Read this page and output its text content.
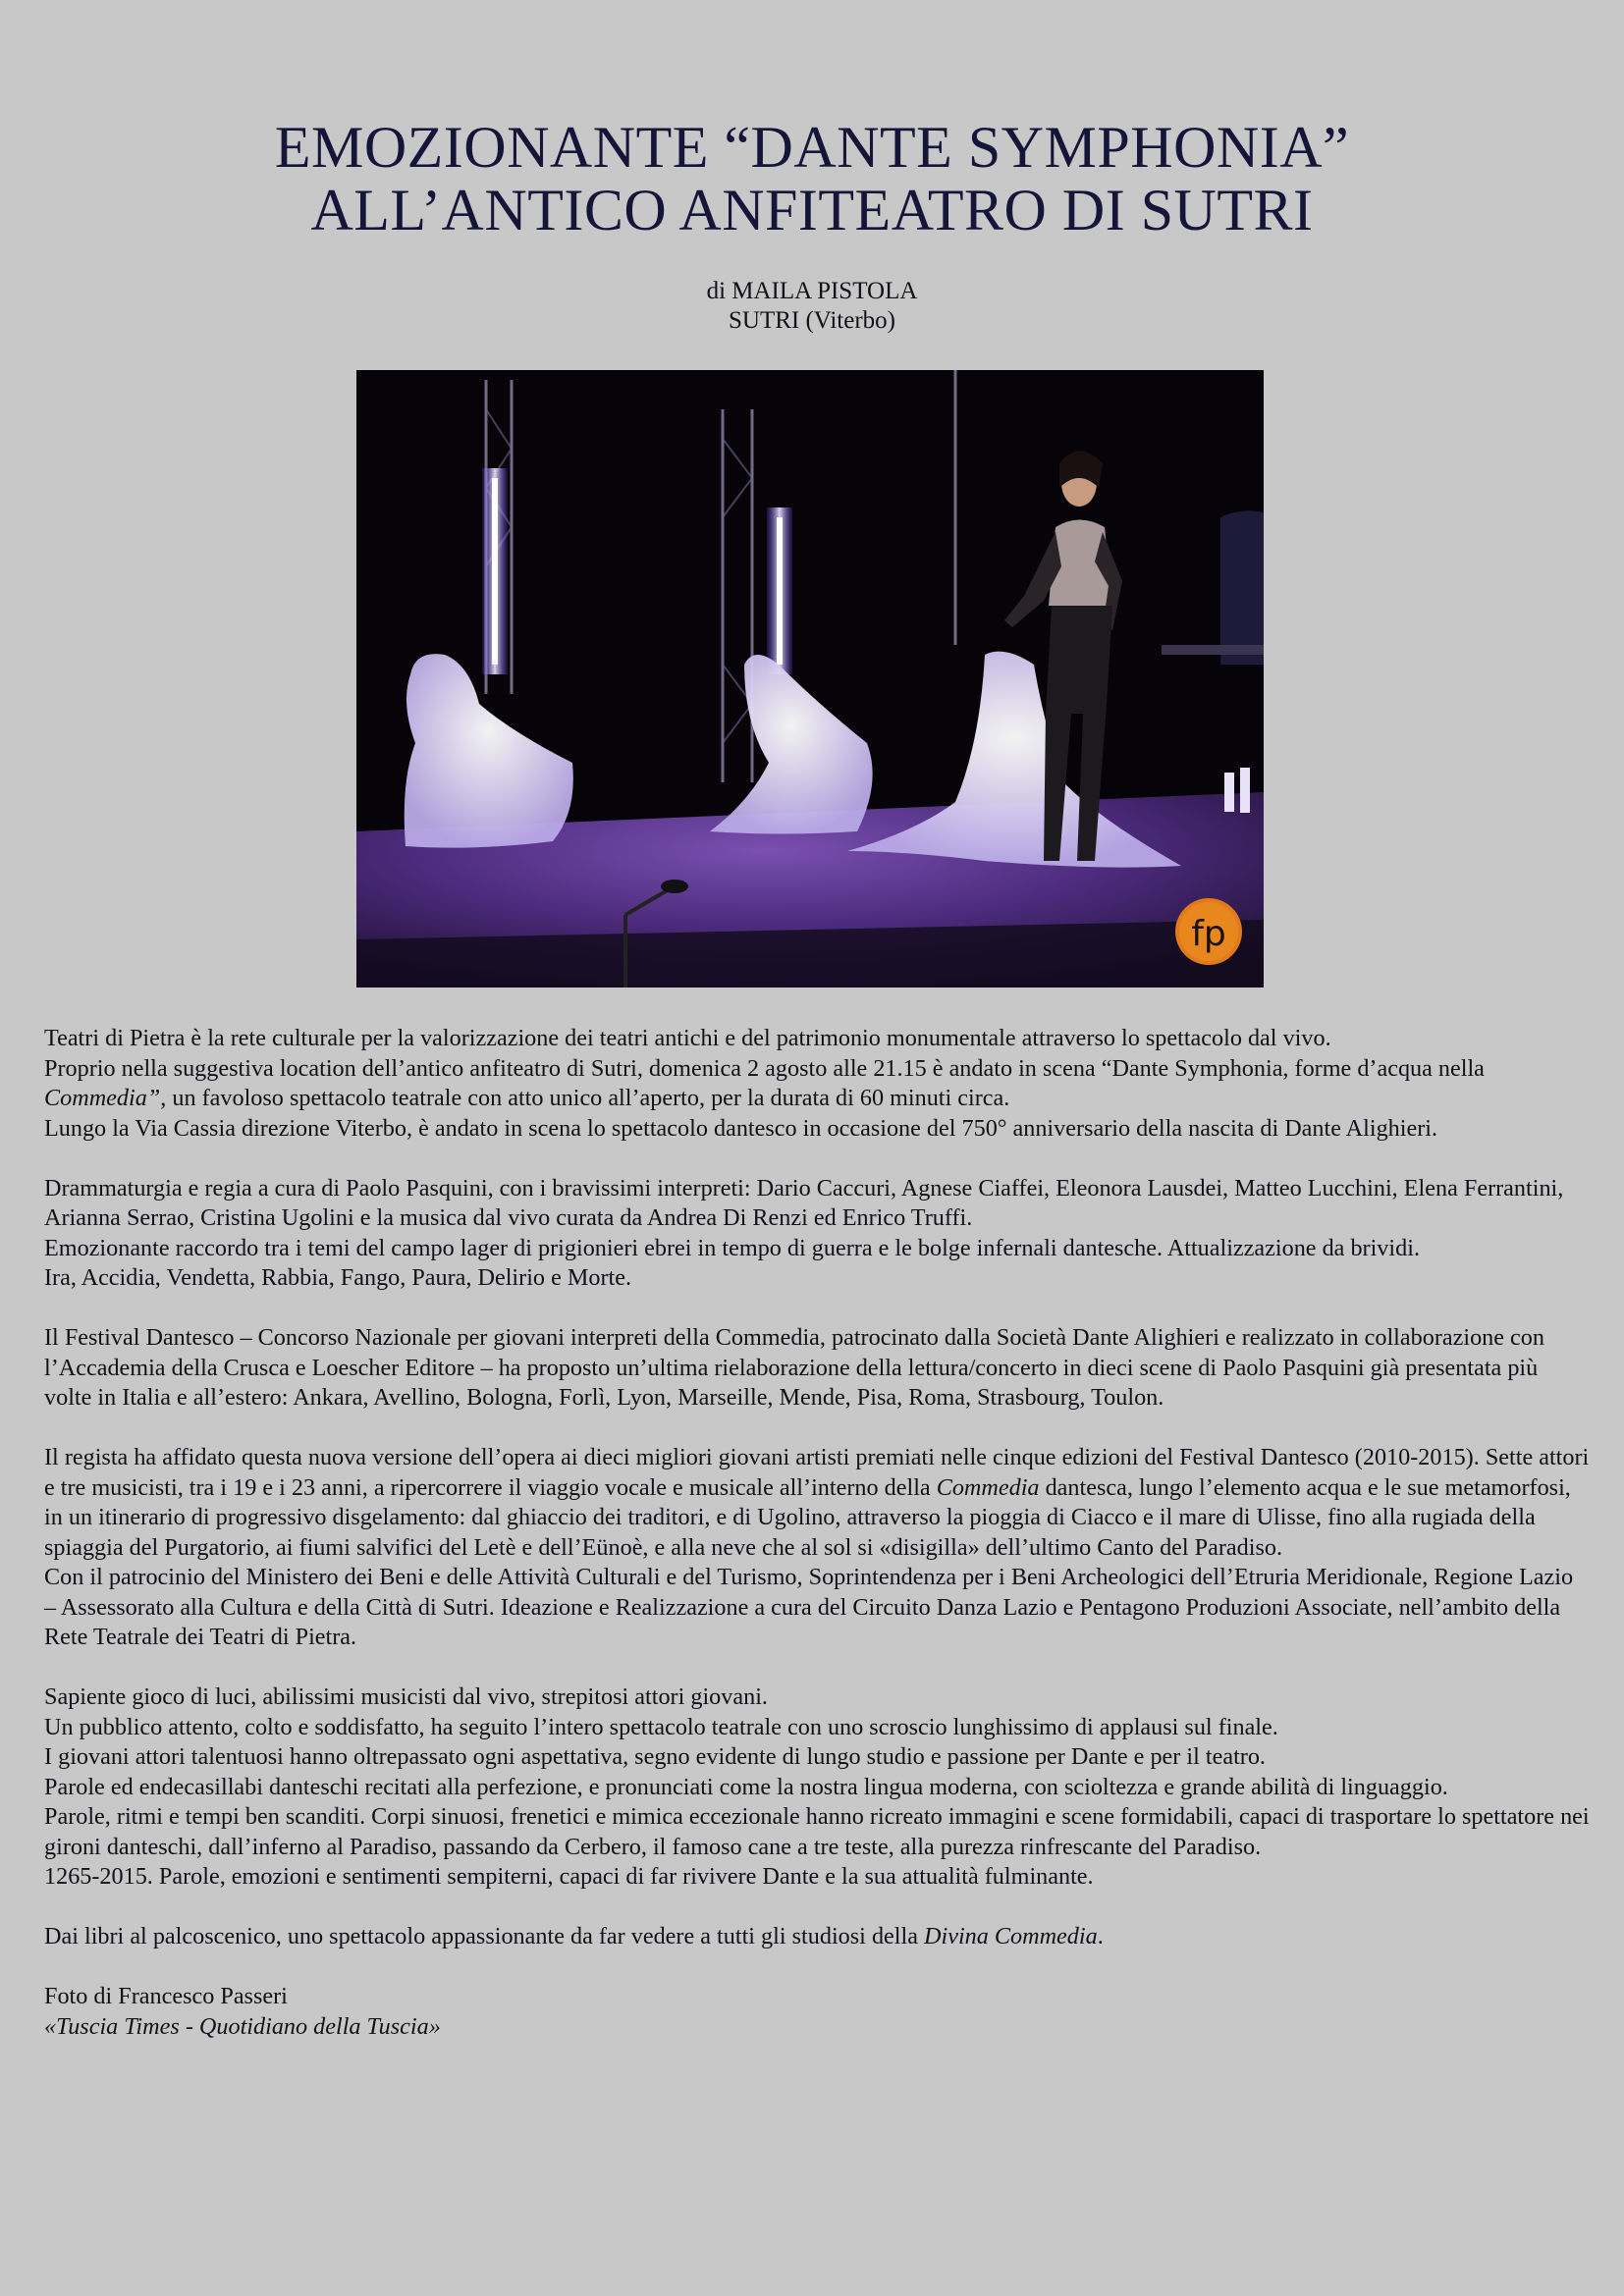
EMOZIONANTE “DANTE SYMPHONIA”
ALL’ANTICO ANFITEATRO DI SUTRI
di MAILA PISTOLA
SUTRI (Viterbo)
fp

Teatri di Pietra è la rete culturale per la valorizzazione dei teatri antichi e del patrimonio monumentale attraverso lo spettacolo dal vivo.

Proprio nella suggestiva location dell’antico anfiteatro di Sutri, domenica 2 agosto alle 21.15 è andato in scena “Dante Symphonia, forme d’acqua nella Commedia”, un favoloso spettacolo teatrale con atto unico all’aperto, per la durata di 60 minuti circa.

Lungo la Via Cassia direzione Viterbo, è andato in scena lo spettacolo dantesco in occasione del 750° anniversario della nascita di Dante Alighieri.

Drammaturgia e regia a cura di Paolo Pasquini, con i bravissimi interpreti: Dario Caccuri, Agnese Ciaffei, Eleonora Lausdei, Matteo Lucchini, Elena Ferrantini, Arianna Serrao, Cristina Ugolini e la musica dal vivo curata da Andrea Di Renzi ed Enrico Truffi.

Emozionante raccordo tra i temi del campo lager di prigionieri ebrei in tempo di guerra e le bolge infernali dantesche. Attualizzazione da brividi.

Ira, Accidia, Vendetta, Rabbia, Fango, Paura, Delirio e Morte.

Il Festival Dantesco – Concorso Nazionale per giovani interpreti della Commedia, patrocinato dalla Società Dante Alighieri e realizzato in collaborazione con l’Accademia della Crusca e Loescher Editore – ha proposto un’ultima rielaborazione della lettura/concerto in dieci scene di Paolo Pasquini già presentata più volte in Italia e all’estero: Ankara, Avellino, Bologna, Forlì, Lyon, Marseille, Mende, Pisa, Roma, Strasbourg, Toulon.

Il regista ha affidato questa nuova versione dell’opera ai dieci migliori giovani artisti premiati nelle cinque edizioni del Festival Dantesco (2010-2015). Sette attori e tre musicisti, tra i 19 e i 23 anni, a ripercorrere il viaggio vocale e musicale all’interno della Commedia dantesca, lungo l’elemento acqua e le sue metamorfosi, in un itinerario di progressivo disgelamento: dal ghiaccio dei traditori, e di Ugolino, attraverso la pioggia di Ciacco e il mare di Ulisse, fino alla rugiada della spiaggia del Purgatorio, ai fiumi salvifici del Letè e dell’Eünoè, e alla neve che al sol si «disigilla» dell’ultimo Canto del Paradiso.

Con il patrocinio del Ministero dei Beni e delle Attività Culturali e del Turismo, Soprintendenza per i Beni Archeologici dell’Etruria Meridionale, Regione Lazio – Assessorato alla Cultura e della Città di Sutri. Ideazione e Realizzazione a cura del Circuito Danza Lazio e Pentagono Produzioni Associate, nell’ambito della Rete Teatrale dei Teatri di Pietra.

Sapiente gioco di luci, abilissimi musicisti dal vivo, strepitosi attori giovani.

Un pubblico attento, colto e soddisfatto, ha seguito l’intero spettacolo teatrale con uno scroscio lunghissimo di applausi sul finale.

I giovani attori talentuosi hanno oltrepassato ogni aspettativa, segno evidente di lungo studio e passione per Dante e per il teatro.

Parole ed endecasillabi danteschi recitati alla perfezione, e pronunciati come la nostra lingua moderna, con scioltezza e grande abilità di linguaggio.

Parole, ritmi e tempi ben scanditi. Corpi sinuosi, frenetici e mimica eccezionale hanno ricreato immagini e scene formidabili, capaci di trasportare lo spettatore nei gironi danteschi, dall’inferno al Paradiso, passando da Cerbero, il famoso cane a tre teste, alla purezza rinfrescante del Paradiso.

1265-2015. Parole, emozioni e sentimenti sempiterni, capaci di far rivivere Dante e la sua attualità fulminante.

Dai libri al palcoscenico, uno spettacolo appassionante da far vedere a tutti gli studiosi della Divina Commedia.

Foto di Francesco Passeri

«Tuscia Times - Quotidiano della Tuscia»
